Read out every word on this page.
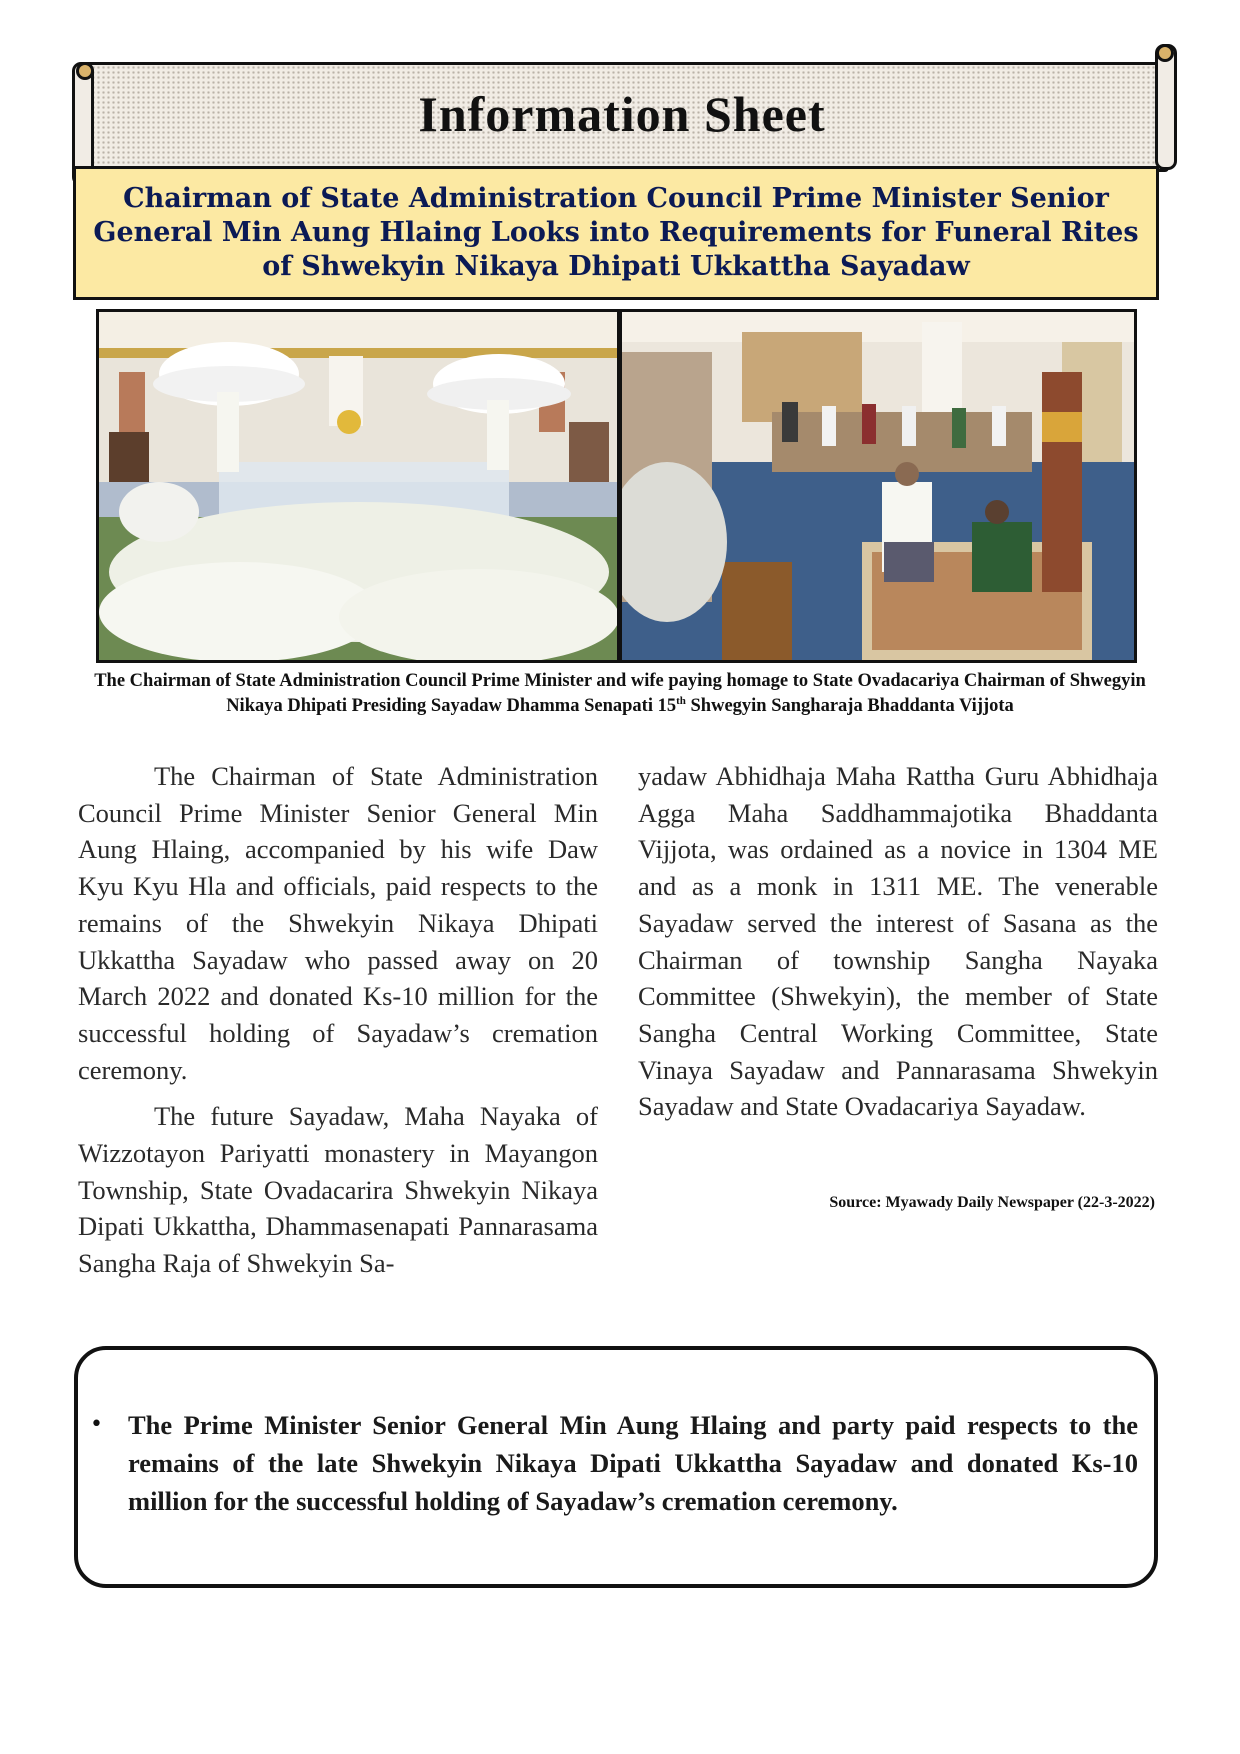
Information Sheet
Chairman of State Administration Council Prime Minister Senior General Min Aung Hlaing Looks into Requirements for Funeral Rites of Shwekyin Nikaya Dhipati Ukkattha Sayadaw
The Chairman of State Administration Council Prime Minister and wife paying homage to State Ovadacariya Chairman of Shwegyin Nikaya Dhipati Presiding Sayadaw Dhamma Senapati 15th Shwegyin Sangharaja Bhaddanta Vijjota

The Chairman of State Administration Council Prime Minister Senior General Min Aung Hlaing, accompanied by his wife Daw Kyu Kyu Hla and officials, paid respects to the remains of the Shwekyin Nikaya Dhipati Ukkattha Sayadaw who passed away on 20 March 2022 and donated Ks-10 million for the successful holding of Sayadaw’s cremation ceremony.

The future Sayadaw, Maha Nayaka of Wizzotayon Pariyatti monastery in Mayangon Township, State Ovadacarira Shwekyin Nikaya Dipati Ukkattha, Dhammasenapati Pannarasama Sangha Raja of Shwekyin Sa-

yadaw Abhidhaja Maha Rattha Guru Abhidhaja Agga Maha Saddhammajotika Bhaddanta Vijjota, was ordained as a novice in 1304 ME and as a monk in 1311 ME. The venerable Sayadaw served the interest of Sasana as the Chairman of township Sangha Nayaka Committee (Shwekyin), the member of State Sangha Central Working Committee, State Vinaya Sayadaw and Pannarasama Shwekyin Sayadaw and State Ovadacariya Sayadaw.

Source: Myawady Daily Newspaper (22-3-2022)
• The Prime Minister Senior General Min Aung Hlaing and party paid respects to the remains of the late Shwekyin Nikaya Dipati Ukkattha Sayadaw and donated Ks-10 million for the successful holding of Sayadaw’s cremation ceremony.
